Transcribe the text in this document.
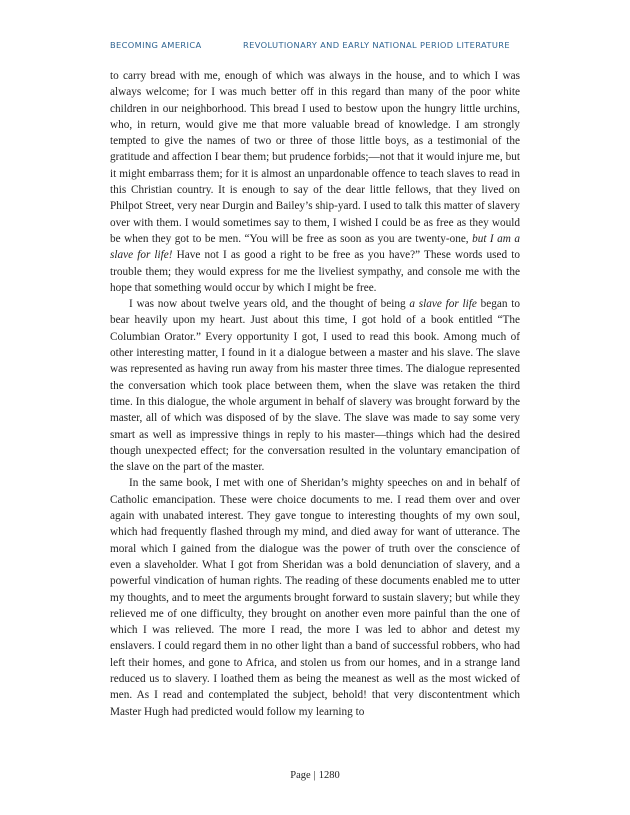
BECOMING AMERICA	REVOLUTIONARY AND EARLY NATIONAL PERIOD LITERATURE

to carry bread with me, enough of which was always in the house, and to which I was always welcome; for I was much better off in this regard than many of the poor white children in our neighborhood. This bread I used to bestow upon the hungry little urchins, who, in return, would give me that more valuable bread of knowledge. I am strongly tempted to give the names of two or three of those little boys, as a testimonial of the gratitude and affection I bear them; but prudence forbids;—not that it would injure me, but it might embarrass them; for it is almost an unpardonable offence to teach slaves to read in this Christian country. It is enough to say of the dear little fellows, that they lived on Philpot Street, very near Durgin and Bailey’s ship-yard. I used to talk this matter of slavery over with them. I would sometimes say to them, I wished I could be as free as they would be when they got to be men. “You will be free as soon as you are twenty-one, but I am a slave for life! Have not I as good a right to be free as you have?” These words used to trouble them; they would express for me the liveliest sympathy, and console me with the hope that something would occur by which I might be free.

I was now about twelve years old, and the thought of being a slave for life began to bear heavily upon my heart. Just about this time, I got hold of a book entitled “The Columbian Orator.” Every opportunity I got, I used to read this book. Among much of other interesting matter, I found in it a dialogue between a master and his slave. The slave was represented as having run away from his master three times. The dialogue represented the conversation which took place between them, when the slave was retaken the third time. In this dialogue, the whole argument in behalf of slavery was brought forward by the master, all of which was disposed of by the slave. The slave was made to say some very smart as well as impressive things in reply to his master—things which had the desired though unexpected effect; for the conversation resulted in the voluntary emancipation of the slave on the part of the master.

In the same book, I met with one of Sheridan’s mighty speeches on and in behalf of Catholic emancipation. These were choice documents to me. I read them over and over again with unabated interest. They gave tongue to interesting thoughts of my own soul, which had frequently flashed through my mind, and died away for want of utterance. The moral which I gained from the dialogue was the power of truth over the conscience of even a slaveholder. What I got from Sheridan was a bold denunciation of slavery, and a powerful vindication of human rights. The reading of these documents enabled me to utter my thoughts, and to meet the arguments brought forward to sustain slavery; but while they relieved me of one difficulty, they brought on another even more painful than the one of which I was relieved. The more I read, the more I was led to abhor and detest my enslavers. I could regard them in no other light than a band of successful robbers, who had left their homes, and gone to Africa, and stolen us from our homes, and in a strange land reduced us to slavery. I loathed them as being the meanest as well as the most wicked of men. As I read and contemplated the subject, behold! that very discontentment which Master Hugh had predicted would follow my learning to

Page | 1280
